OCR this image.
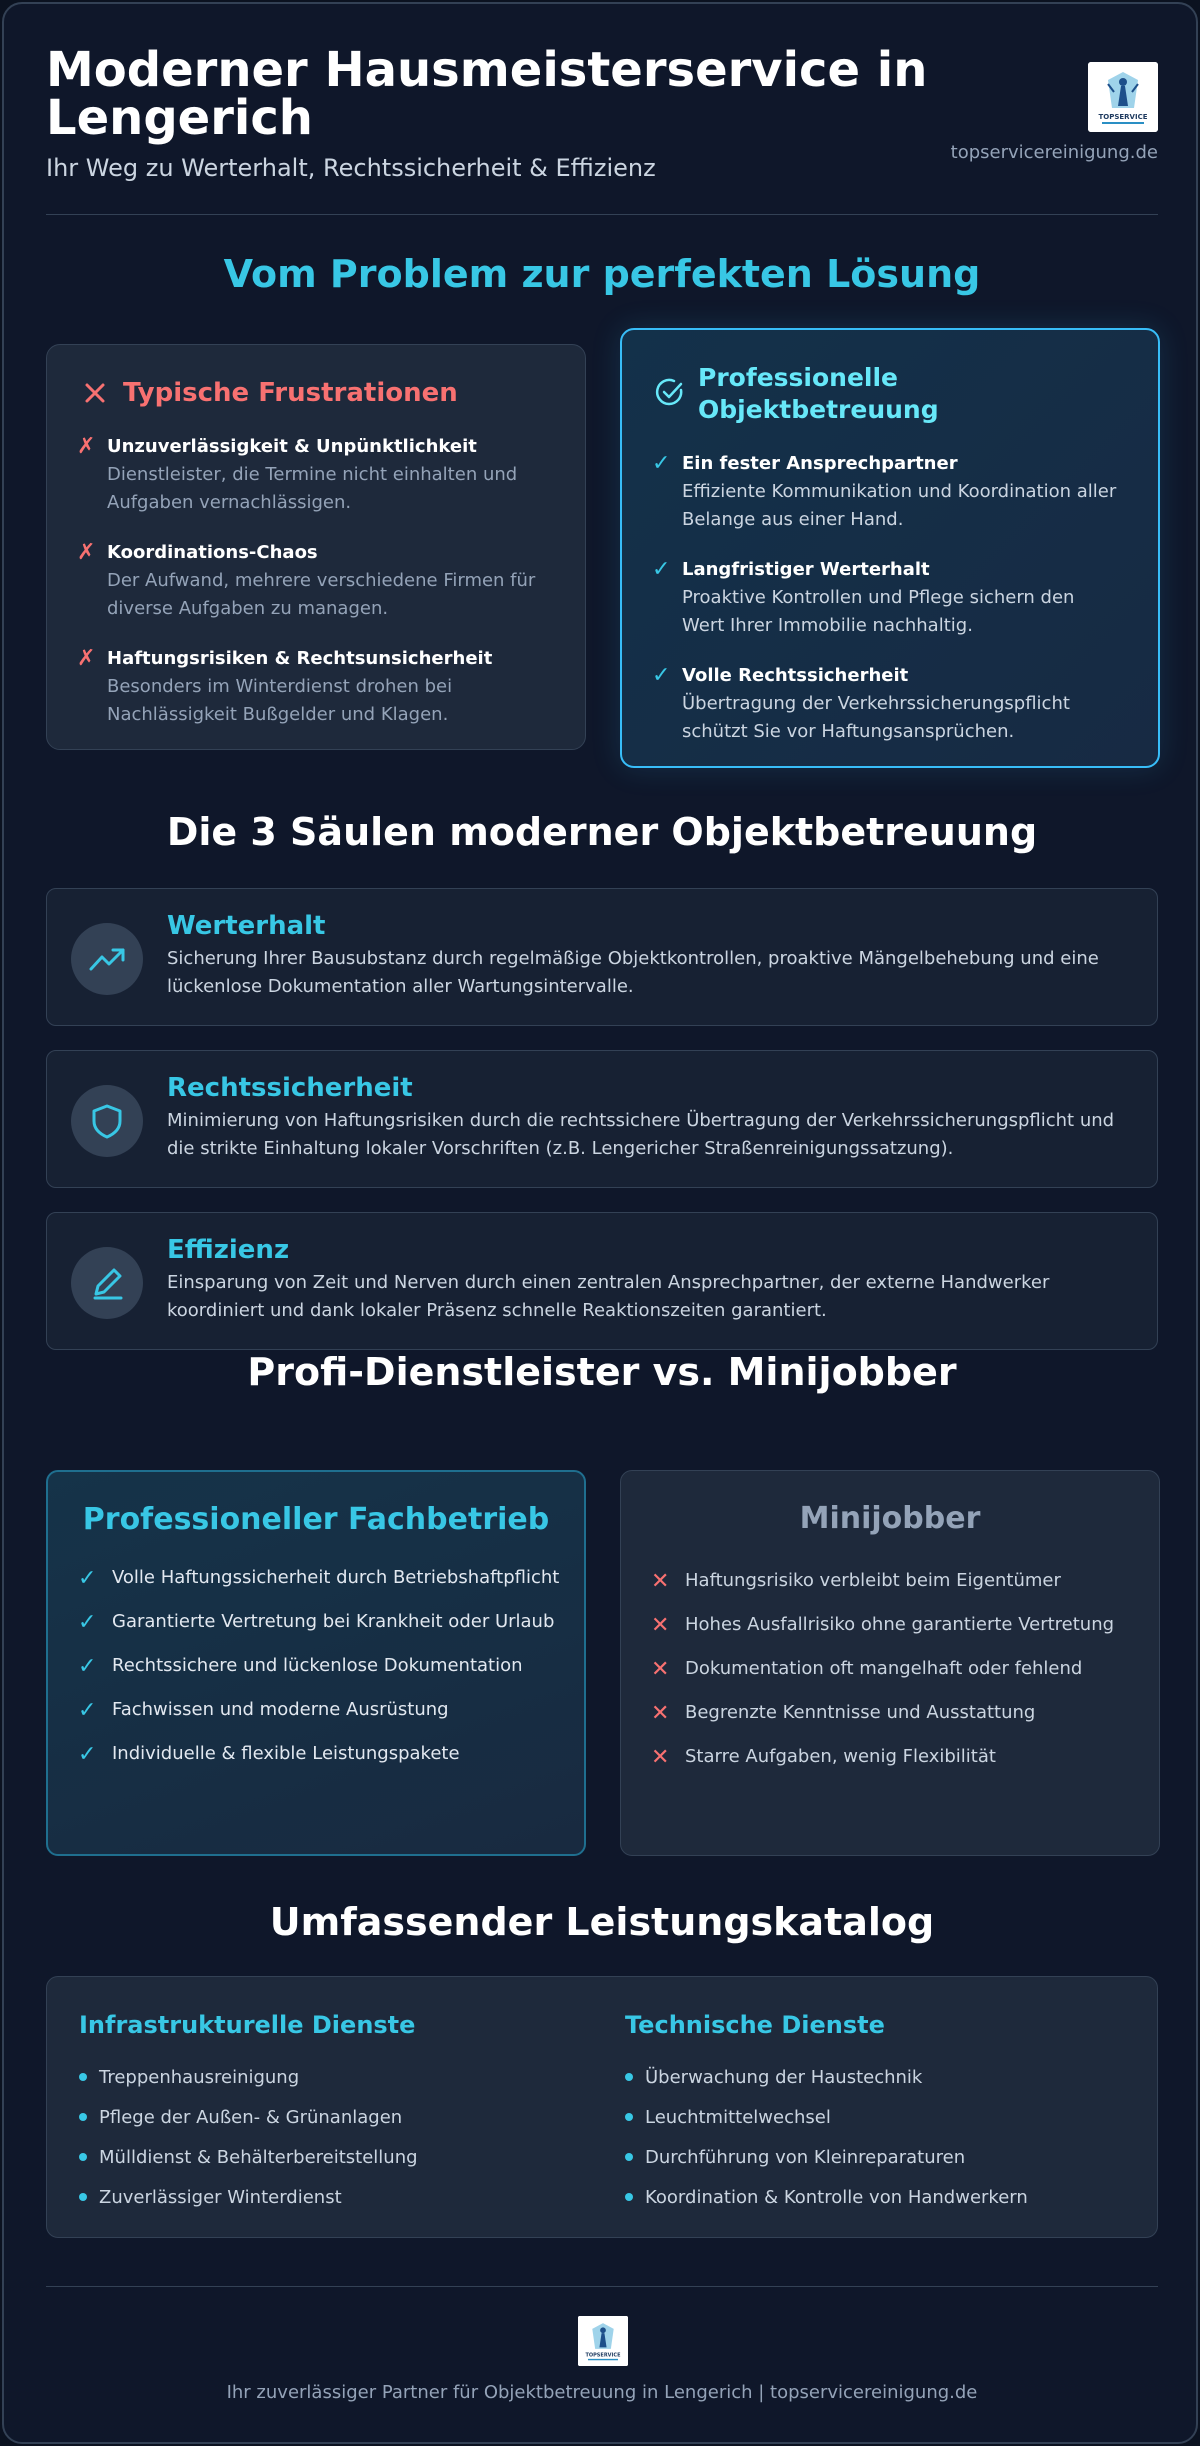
Moderner Hausmeisterservice in Lengerich
Ihr Weg zu Werterhalt, Rechtssicherheit & Effizienz
TOPSERVICE
topservicereinigung.de
Vom Problem zur perfekten Lösung
Typische Frustrationen
✗ Unzuverlässigkeit & Unpünktlichkeit
Dienstleister, die Termine nicht einhalten und Aufgaben vernachlässigen.
✗ Koordinations-Chaos
Der Aufwand, mehrere verschiedene Firmen für diverse Aufgaben zu managen.
✗ Haftungsrisiken & Rechtsunsicherheit
Besonders im Winterdienst drohen bei Nachlässigkeit Bußgelder und Klagen.
Professionelle Objektbetreuung
✓ Ein fester Ansprechpartner
Effiziente Kommunikation und Koordination aller Belange aus einer Hand.
✓ Langfristiger Werterhalt
Proaktive Kontrollen und Pflege sichern den Wert Ihrer Immobilie nachhaltig.
✓ Volle Rechtssicherheit
Übertragung der Verkehrssicherungspflicht schützt Sie vor Haftungsansprüchen.
Die 3 Säulen moderner Objektbetreuung
Werterhalt
Sicherung Ihrer Bausubstanz durch regelmäßige Objektkontrollen, proaktive Mängelbehebung und eine lückenlose Dokumentation aller Wartungsintervalle.
Rechtssicherheit
Minimierung von Haftungsrisiken durch die rechtssichere Übertragung der Verkehrssicherungspflicht und die strikte Einhaltung lokaler Vorschriften (z.B. Lengericher Straßenreinigungssatzung).
Effizienz
Einsparung von Zeit und Nerven durch einen zentralen Ansprechpartner, der externe Handwerker koordiniert und dank lokaler Präsenz schnelle Reaktionszeiten garantiert.
Profi-Dienstleister vs. Minijobber
Professioneller Fachbetrieb
✓ Volle Haftungssicherheit durch Betriebshaftpflicht
✓ Garantierte Vertretung bei Krankheit oder Urlaub
✓ Rechtssichere und lückenlose Dokumentation
✓ Fachwissen und moderne Ausrüstung
✓ Individuelle & flexible Leistungspakete
Minijobber
✕ Haftungsrisiko verbleibt beim Eigentümer
✕ Hohes Ausfallrisiko ohne garantierte Vertretung
✕ Dokumentation oft mangelhaft oder fehlend
✕ Begrenzte Kenntnisse und Ausstattung
✕ Starre Aufgaben, wenig Flexibilität
Umfassender Leistungskatalog
Infrastrukturelle Dienste
Treppenhausreinigung
Pflege der Außen- & Grünanlagen
Mülldienst & Behälterbereitstellung
Zuverlässiger Winterdienst
Technische Dienste
Überwachung der Haustechnik
Leuchtmittelwechsel
Durchführung von Kleinreparaturen
Koordination & Kontrolle von Handwerkern
TOPSERVICE
Ihr zuverlässiger Partner für Objektbetreuung in Lengerich | topservicereinigung.de
